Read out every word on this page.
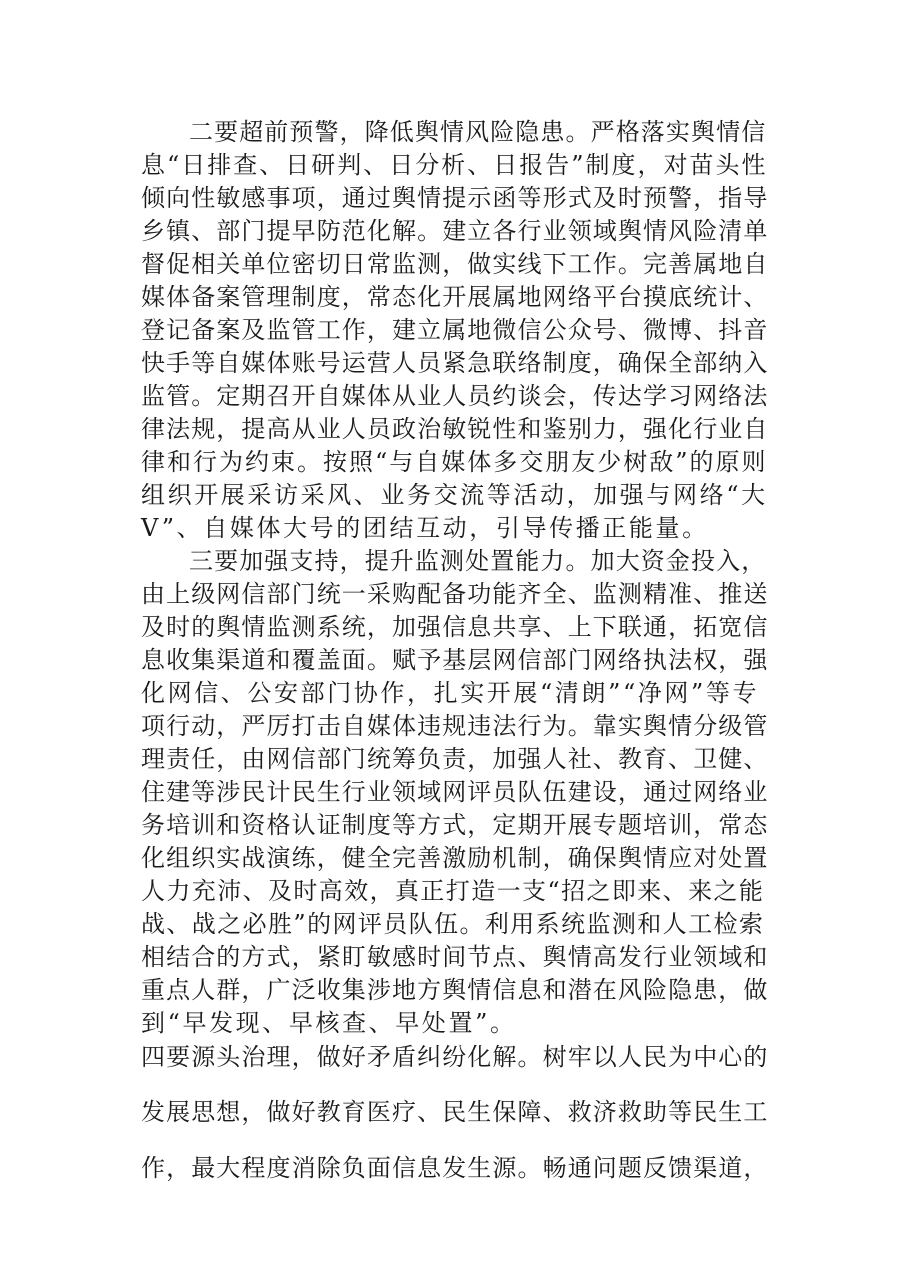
二要超前预警，降低舆情风险隐患。严格落实舆情信

息“日排查、日研判、日分析、日报告”制度，对苗头性

倾向性敏感事项，通过舆情提示函等形式及时预警，指导

乡镇、部门提早防范化解。建立各行业领域舆情风险清单

督促相关单位密切日常监测，做实线下工作。完善属地自

媒体备案管理制度，常态化开展属地网络平台摸底统计、

登记备案及监管工作，建立属地微信公众号、微博、抖音

快手等自媒体账号运营人员紧急联络制度，确保全部纳入

监管。定期召开自媒体从业人员约谈会，传达学习网络法

律法规，提高从业人员政治敏锐性和鉴别力，强化行业自

律和行为约束。按照“与自媒体多交朋友少树敌”的原则

组织开展采访采风、业务交流等活动，加强与网络“大

V”、自媒体大号的团结互动，引导传播正能量。

三要加强支持，提升监测处置能力。加大资金投入，

由上级网信部门统一采购配备功能齐全、监测精准、推送

及时的舆情监测系统，加强信息共享、上下联通，拓宽信

息收集渠道和覆盖面。赋予基层网信部门网络执法权，强

化网信、公安部门协作，扎实开展“清朗”“净网”等专

项行动，严厉打击自媒体违规违法行为。靠实舆情分级管

理责任，由网信部门统筹负责，加强人社、教育、卫健、

住建等涉民计民生行业领域网评员队伍建设，通过网络业

务培训和资格认证制度等方式，定期开展专题培训，常态

化组织实战演练，健全完善激励机制，确保舆情应对处置

人力充沛、及时高效，真正打造一支“招之即来、来之能

战、战之必胜”的网评员队伍。利用系统监测和人工检索

相结合的方式，紧盯敏感时间节点、舆情高发行业领域和

重点人群，广泛收集涉地方舆情信息和潜在风险隐患，做

到“早发现、早核查、早处置”。

四要源头治理，做好矛盾纠纷化解。树牢以人民为中心的

发展思想，做好教育医疗、民生保障、救济救助等民生工

作，最大程度消除负面信息发生源。畅通问题反馈渠道，
